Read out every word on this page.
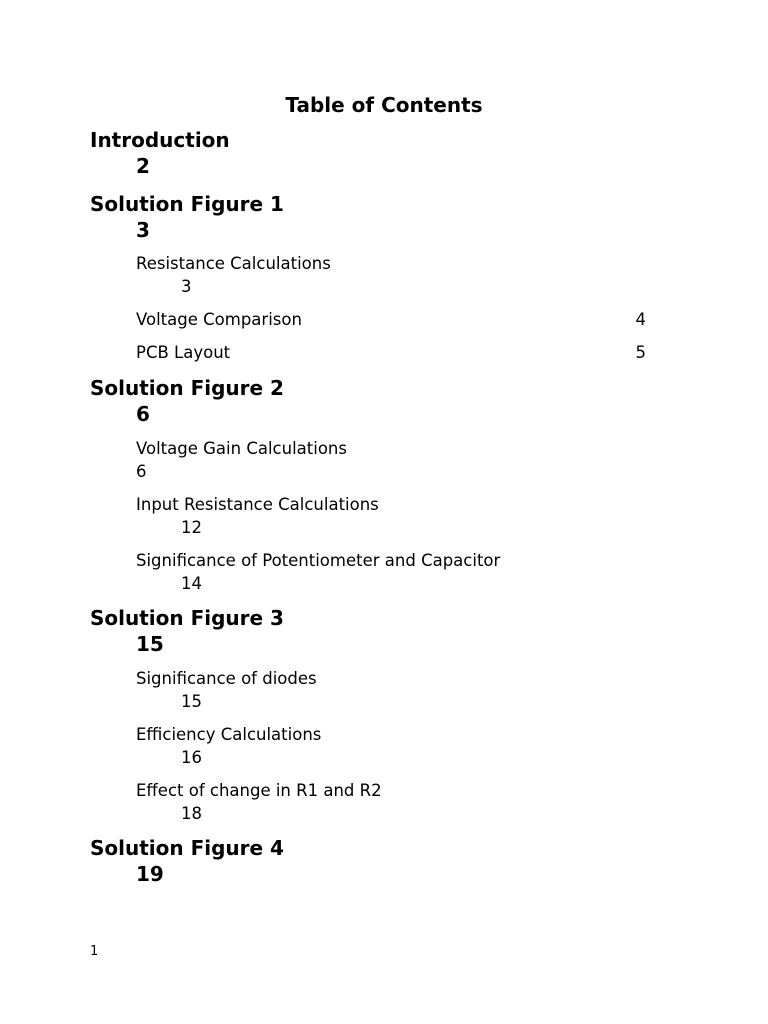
Table of Contents
Introduction
2
Solution Figure 1
3
Resistance Calculations
3
Voltage Comparison	4
PCB Layout	5
Solution Figure 2
6
Voltage Gain Calculations
6
Input Resistance Calculations
12
Significance of Potentiometer and Capacitor
14
Solution Figure 3
15
Significance of diodes
15
Efficiency Calculations
16
Effect of change in R1 and R2
18
Solution Figure 4
19
1
